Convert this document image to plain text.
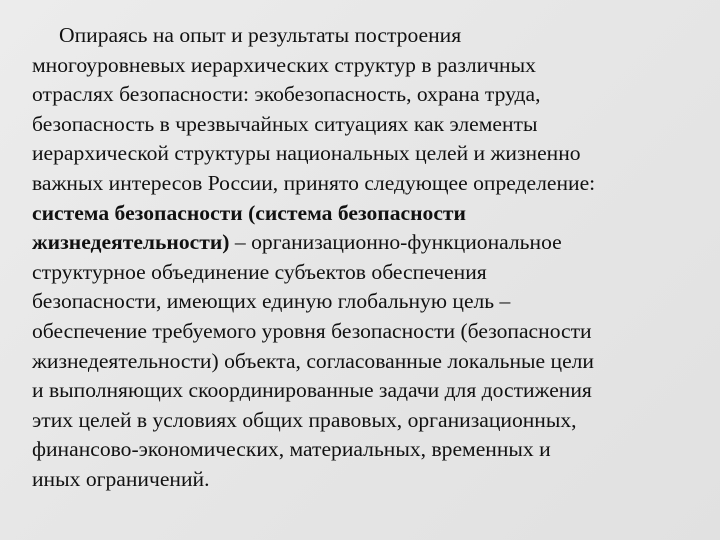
Опираясь на опыт и результаты построения
многоуровневых иерархических структур в различных
отраслях безопасности: экобезопасность, охрана труда,
безопасность в чрезвычайных ситуациях как элементы
иерархической структуры национальных целей и жизненно
важных интересов России, принято следующее определение:
система безопасности (система безопасности
жизнедеятельности) – организационно-функциональное
структурное объединение субъектов обеспечения
безопасности, имеющих единую глобальную цель –
обеспечение требуемого уровня безопасности (безопасности
жизнедеятельности) объекта, согласованные локальные цели
и выполняющих скоординированные задачи для достижения
этих целей в условиях общих правовых, организационных,
финансово-экономических, материальных, временных и
иных ограничений.
